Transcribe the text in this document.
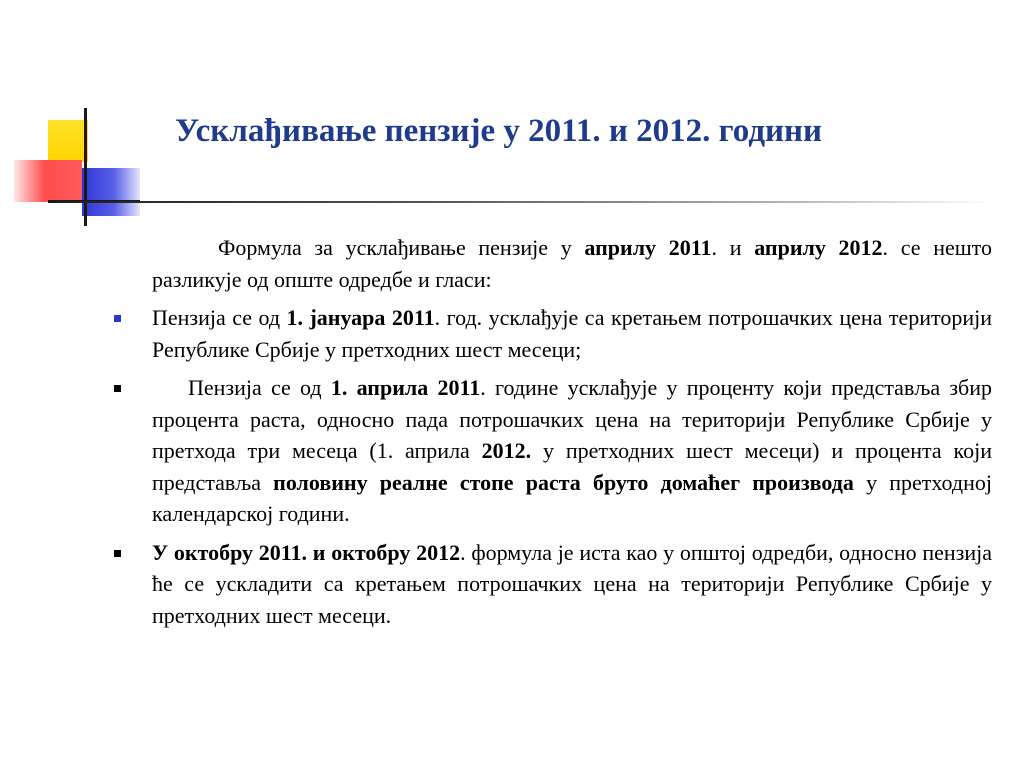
Усклађивање пензије у 2011. и 2012. години

Формула за усклађивање пензије у априлу 2011. и априлу 2012. се нешто разликује од опште одредбе и гласи:

Пензија се од 1. јануара 2011. год. усклађује са кретањем потрошачких цена територији Републике Србије у претходних шест месеци;
Пензија се од 1. априла 2011. године усклађује у проценту који представља збир процента раста, односно пада потрошачких цена на територији Републике Србије у претхода три месеца (1. априла 2012. у претходних шест месеци) и процента који представља половину реалне стопе раста бруто домаћег производа у претходној календарској години.
У октобру 2011. и октобру 2012. формула је иста као у општој одредби, односно пензија ће се ускладити са кретањем потрошачких цена на територији Републике Србије у претходних шест месеци.
